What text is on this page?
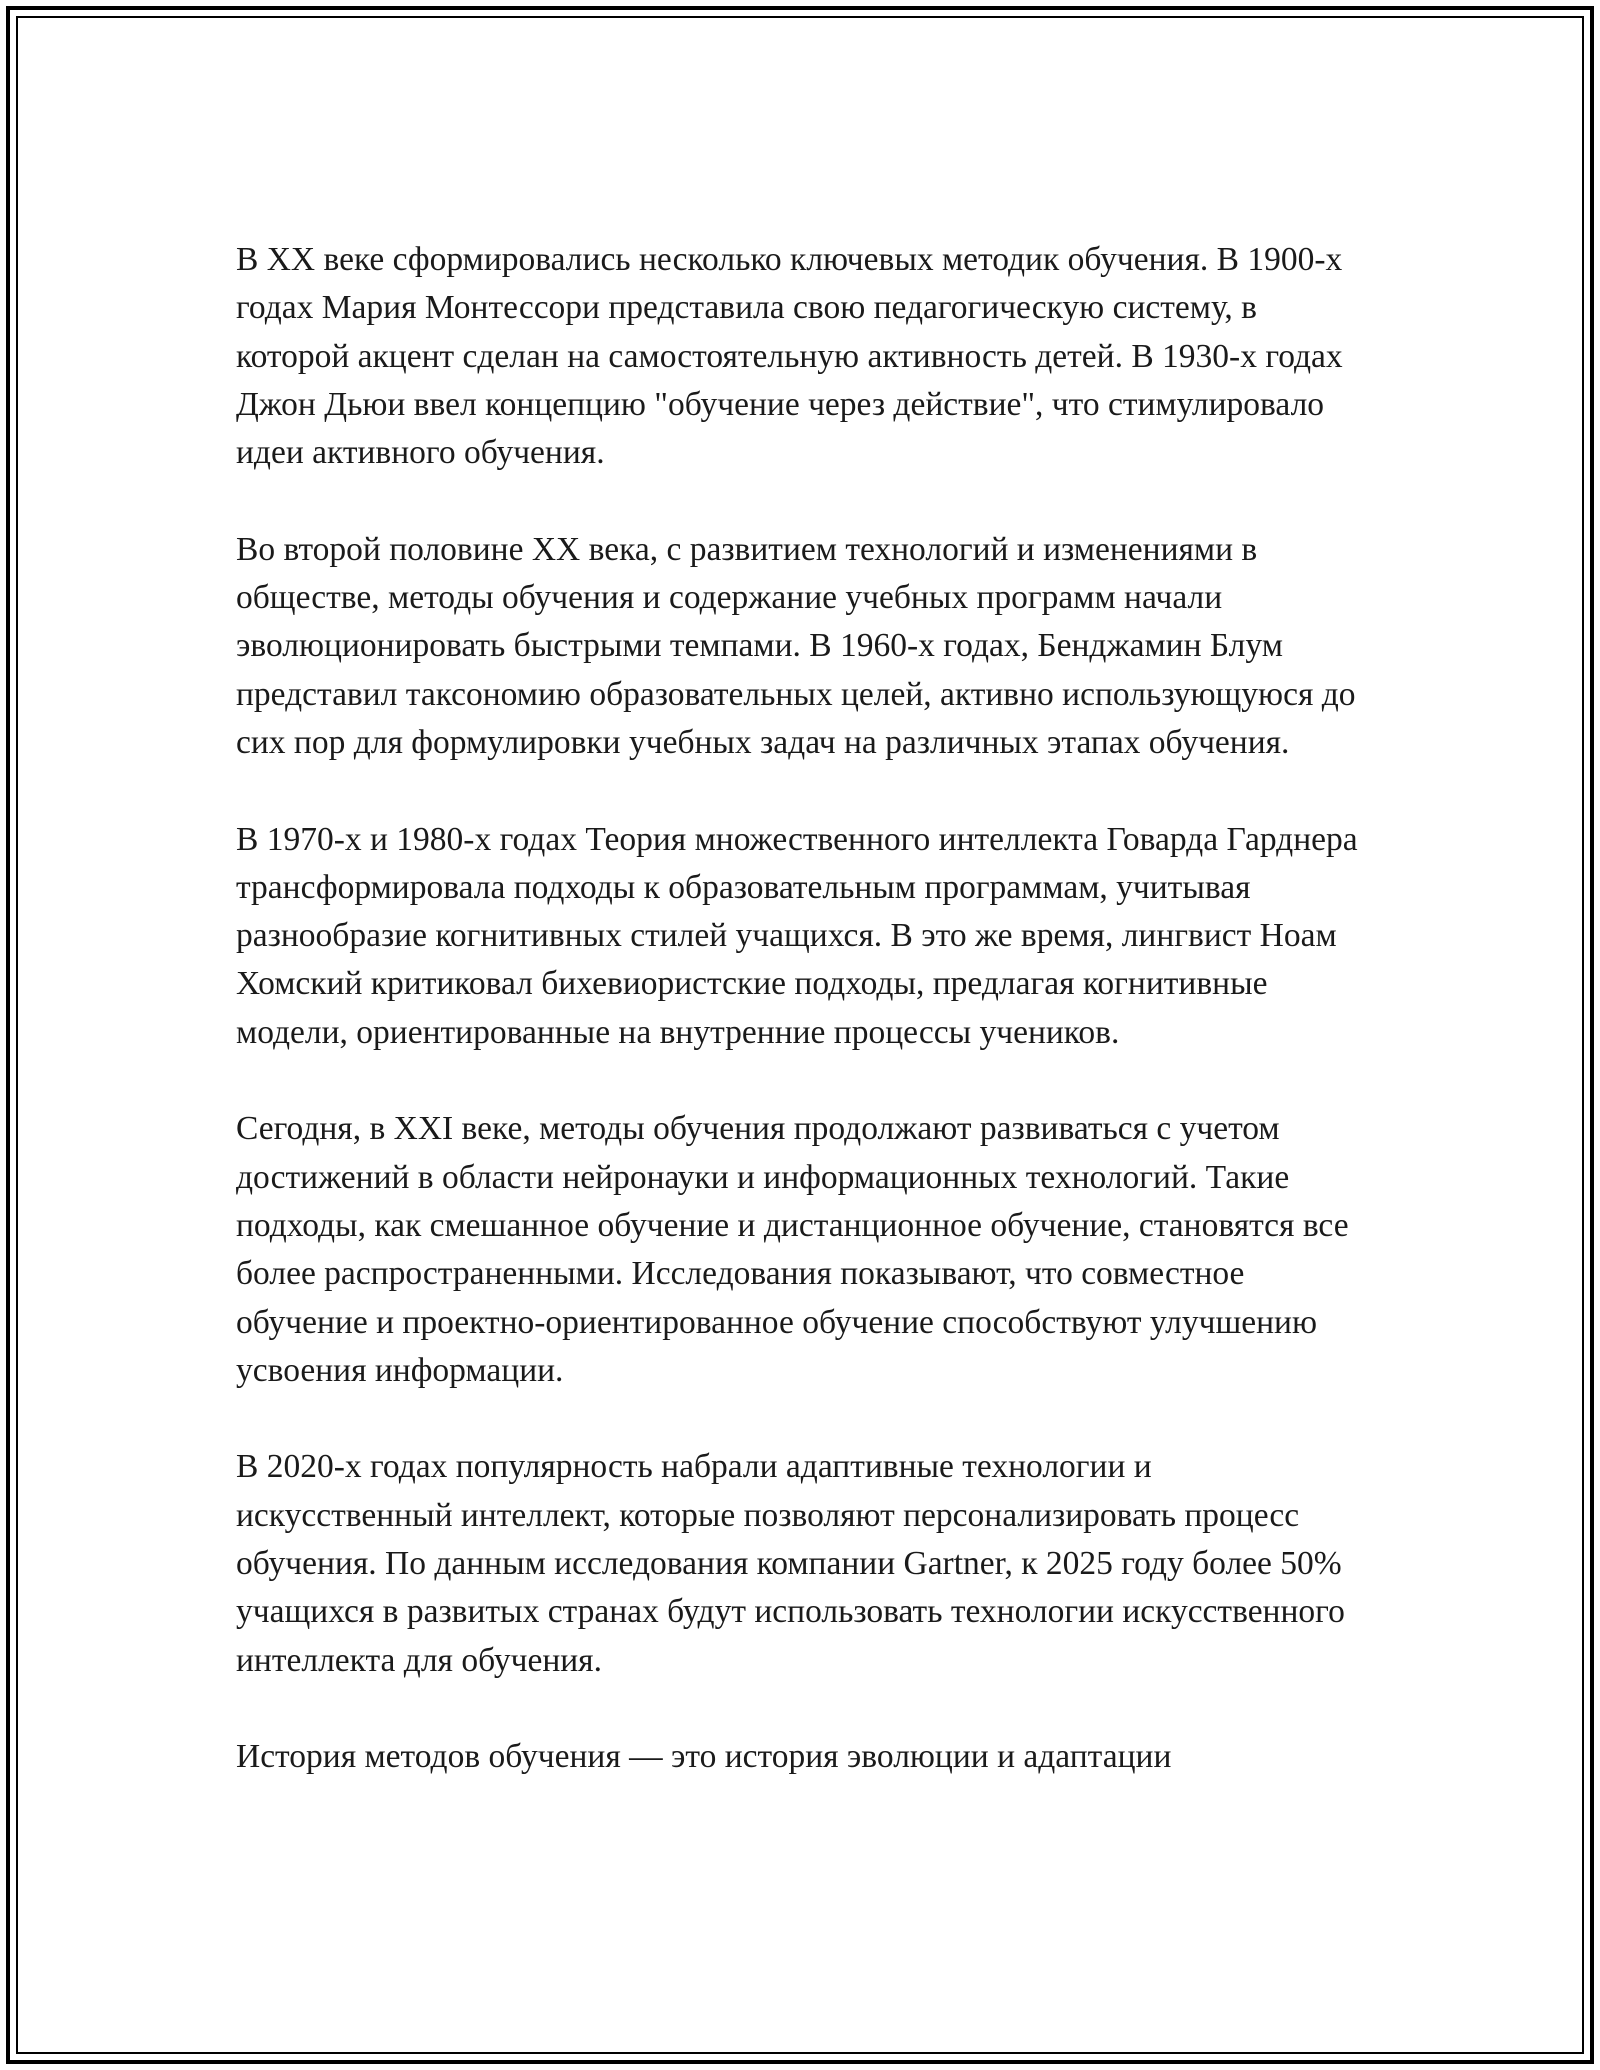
В XX веке сформировались несколько ключевых методик обучения. В 1900-х годах Мария Монтессори представила свою педагогическую систему, в которой акцент сделан на самостоятельную активность детей. В 1930-х годах Джон Дьюи ввел концепцию "обучение через действие", что стимулировало идеи активного обучения.

Во второй половине XX века, с развитием технологий и изменениями в обществе, методы обучения и содержание учебных программ начали эволюционировать быстрыми темпами. В 1960-х годах, Бенджамин Блум представил таксономию образовательных целей, активно использующуюся до сих пор для формулировки учебных задач на различных этапах обучения.

В 1970-х и 1980-х годах Теория множественного интеллекта Говарда Гарднера трансформировала подходы к образовательным программам, учитывая разнообразие когнитивных стилей учащихся. В это же время, лингвист Ноам Хомский критиковал бихевиористские подходы, предлагая когнитивные модели, ориентированные на внутренние процессы учеников.

Сегодня, в XXI веке, методы обучения продолжают развиваться с учетом достижений в области нейронауки и информационных технологий. Такие подходы, как смешанное обучение и дистанционное обучение, становятся все более распространенными. Исследования показывают, что совместное обучение и проектно-ориентированное обучение способствуют улучшению усвоения информации.

В 2020-х годах популярность набрали адаптивные технологии и искусственный интеллект, которые позволяют персонализировать процесс обучения. По данным исследования компании Gartner, к 2025 году более 50% учащихся в развитых странах будут использовать технологии искусственного интеллекта для обучения.

История методов обучения — это история эволюции и адаптации
